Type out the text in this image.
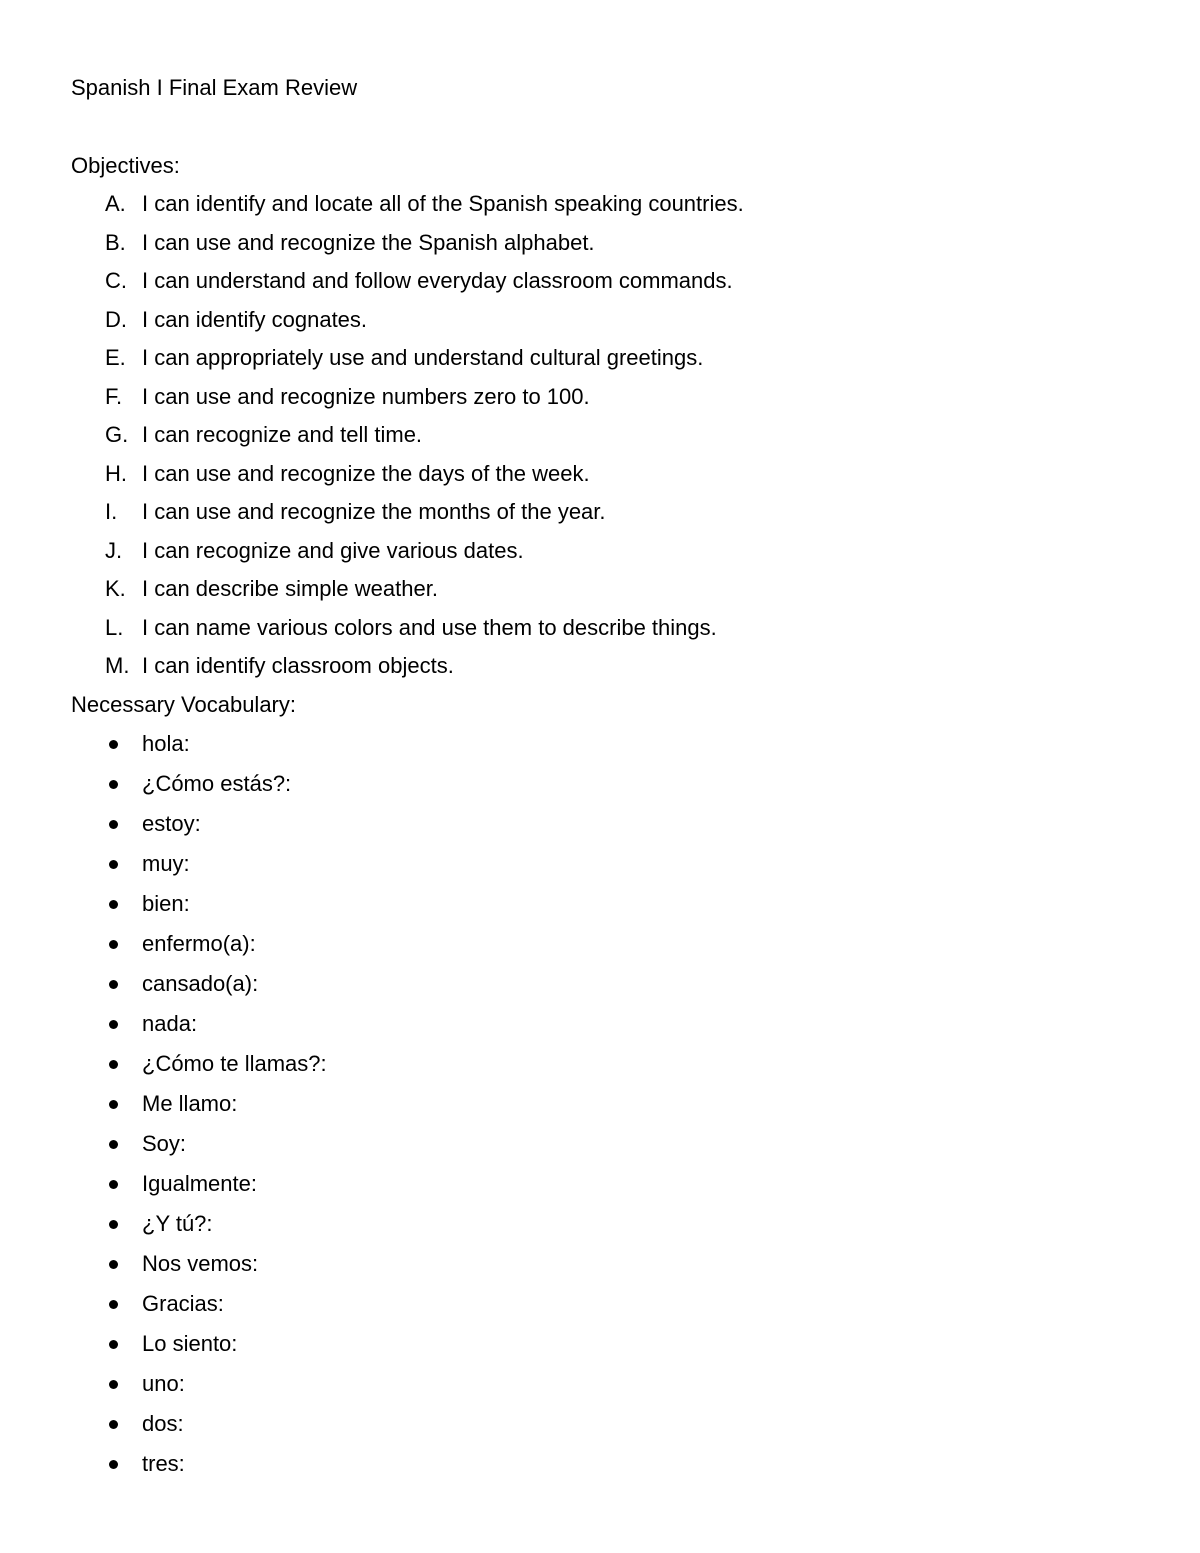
Spanish I Final Exam Review
Objectives:
A. I can identify and locate all of the Spanish speaking countries.
B. I can use and recognize the Spanish alphabet.
C. I can understand and follow everyday classroom commands.
D. I can identify cognates.
E. I can appropriately use and understand cultural greetings.
F. I can use and recognize numbers zero to 100.
G. I can recognize and tell time.
H. I can use and recognize the days of the week.
I. I can use and recognize the months of the year.
J. I can recognize and give various dates.
K. I can describe simple weather.
L. I can name various colors and use them to describe things.
M. I can identify classroom objects.
Necessary Vocabulary:
hola:
¿Cómo estás?:
estoy:
muy:
bien:
enfermo(a):
cansado(a):
nada:
¿Cómo te llamas?:
Me llamo:
Soy:
Igualmente:
¿Y tú?:
Nos vemos:
Gracias:
Lo siento:
uno:
dos:
tres:
